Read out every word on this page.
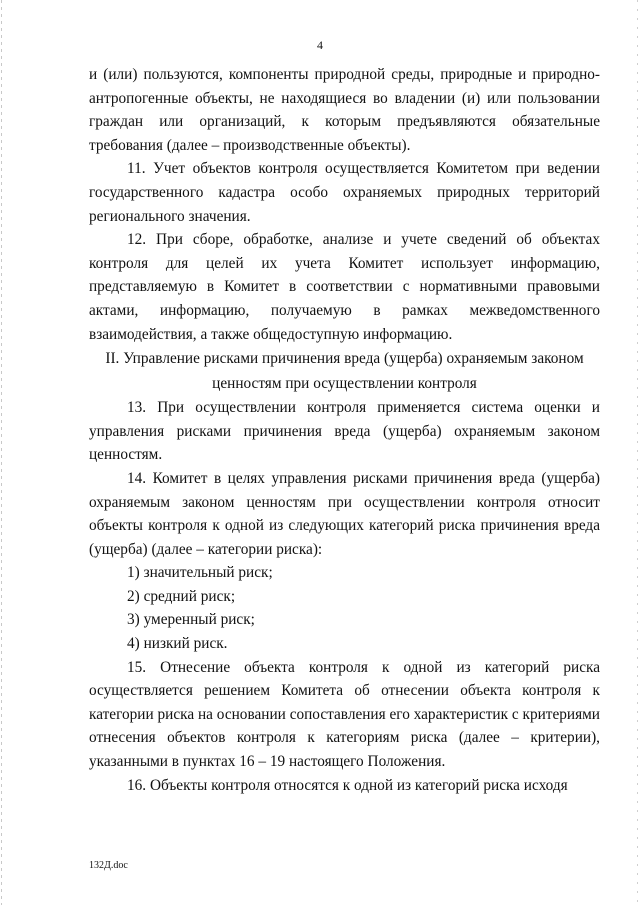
4

и (или) пользуются, компоненты природной среды, природные и природно-антропогенные объекты, не находящиеся во владении (и) или пользовании граждан или организаций, к которым предъявляются обязательные требования (далее – производственные объекты).

11. Учет объектов контроля осуществляется Комитетом при ведении государственного кадастра особо охраняемых природных территорий регионального значения.

12. При сборе, обработке, анализе и учете сведений об объектах контроля для целей их учета Комитет использует информацию, представляемую в Комитет в соответствии с нормативными правовыми актами, информацию, получаемую в рамках межведомственного взаимодействия, а также общедоступную информацию.

II. Управление рисками причинения вреда (ущерба) охраняемым законом
ценностям при осуществлении контроля

13. При осуществлении контроля применяется система оценки и управления рисками причинения вреда (ущерба) охраняемым законом ценностям.

14. Комитет в целях управления рисками причинения вреда (ущерба) охраняемым законом ценностям при осуществлении контроля относит объекты контроля к одной из следующих категорий риска причинения вреда (ущерба) (далее – категории риска):

1) значительный риск;

2) средний риск;

3) умеренный риск;

4) низкий риск.

15. Отнесение объекта контроля к одной из категорий риска осуществляется решением Комитета об отнесении объекта контроля к категории риска на основании сопоставления его характеристик с критериями отнесения объектов контроля к категориям риска (далее – критерии), указанными в пунктах 16 – 19 настоящего Положения.

16. Объекты контроля относятся к одной из категорий риска исходя

132Д.doc
